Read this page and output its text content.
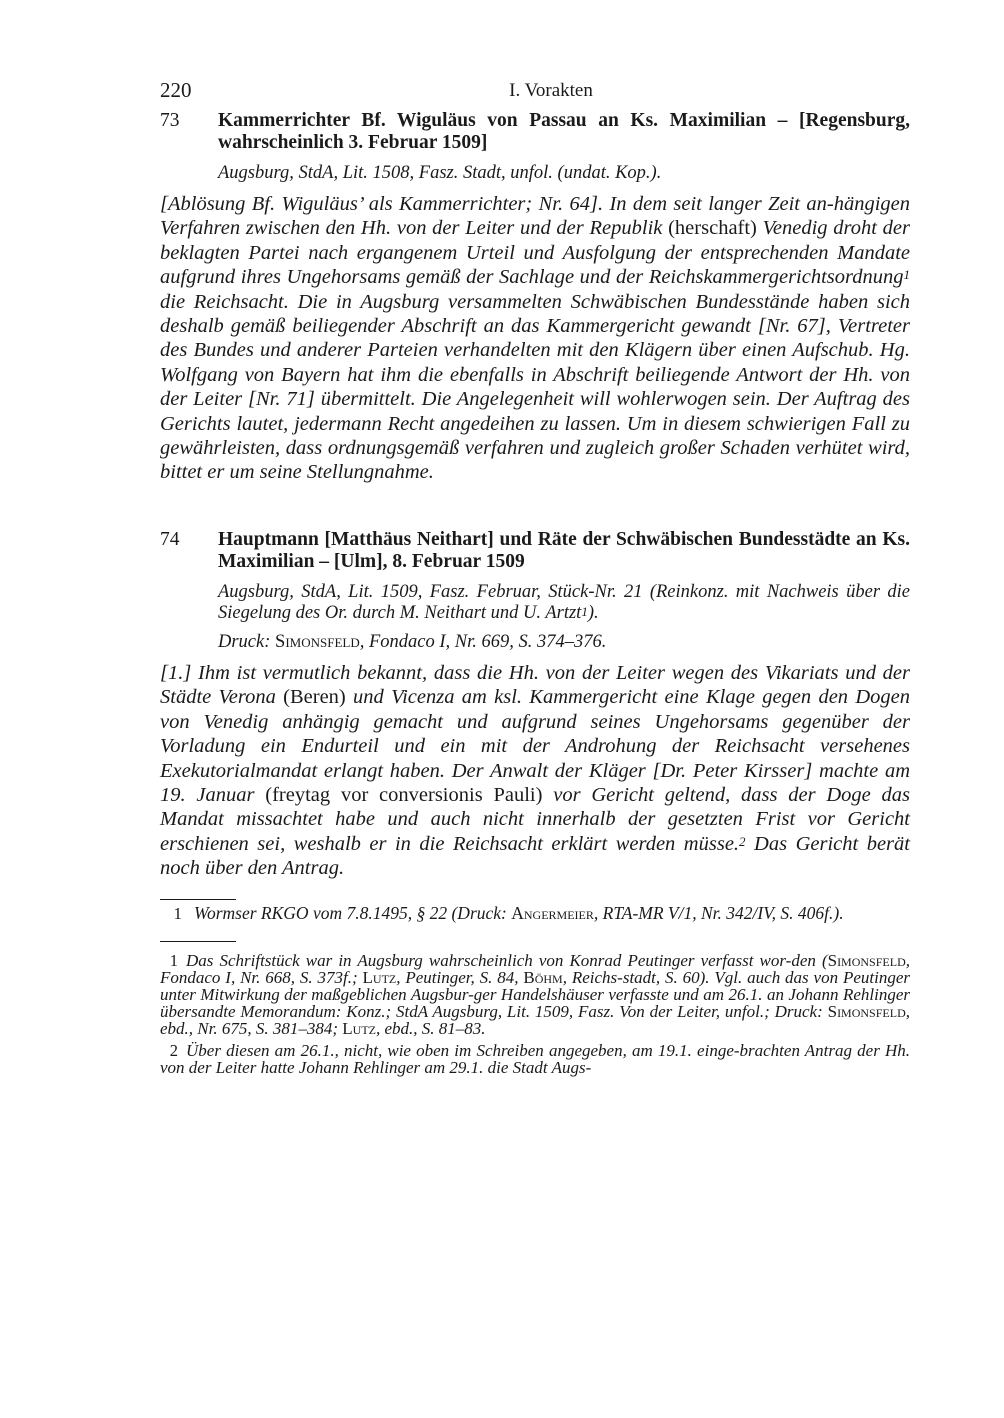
220	I. Vorakten
73	Kammerrichter Bf. Wiguläus von Passau an Ks. Maximilian – [Regensburg, wahrscheinlich 3. Februar 1509]
Augsburg, StdA, Lit. 1508, Fasz. Stadt, unfol. (undat. Kop.).
[Ablösung Bf. Wiguläus’ als Kammerrichter; Nr. 64]. In dem seit langer Zeit an-hängigen Verfahren zwischen den Hh. von der Leiter und der Republik (herschaft) Venedig droht der beklagten Partei nach ergangenem Urteil und Ausfolgung der entsprechenden Mandate aufgrund ihres Ungehorsams gemäß der Sachlage und der Reichskammergerichtsordnung$^1$ die Reichsacht. Die in Augsburg versammelten Schwäbischen Bundesstände haben sich deshalb gemäß beiliegender Abschrift an das Kammergericht gewandt [Nr. 67], Vertreter des Bundes und anderer Parteien verhandelten mit den Klägern über einen Aufschub. Hg. Wolfgang von Bayern hat ihm die ebenfalls in Abschrift beiliegende Antwort der Hh. von der Leiter [Nr. 71] übermittelt. Die Angelegenheit will wohlerwogen sein. Der Auftrag des Gerichts lautet, jedermann Recht angedeihen zu lassen. Um in diesem schwierigen Fall zu gewährleisten, dass ordnungsgemäß verfahren und zugleich großer Schaden verhütet wird, bittet er um seine Stellungnahme.
74	Hauptmann [Matthäus Neithart] und Räte der Schwäbischen Bundesstädte an Ks. Maximilian – [Ulm], 8. Februar 1509
Augsburg, StdA, Lit. 1509, Fasz. Februar, Stück-Nr. 21 (Reinkonz. mit Nachweis über die Siegelung des Or. durch M. Neithart und U. Artzt$^1$).
Druck: Simonsfeld, Fondaco I, Nr. 669, S. 374–376.
[1.] Ihm ist vermutlich bekannt, dass die Hh. von der Leiter wegen des Vikariats und der Städte Verona (Beren) und Vicenza am ksl. Kammergericht eine Klage gegen den Dogen von Venedig anhängig gemacht und aufgrund seines Ungehorsams gegenüber der Vorladung ein Endurteil und ein mit der Androhung der Reichsacht versehenes Exekutorialmandat erlangt haben. Der Anwalt der Kläger [Dr. Peter Kirsser] machte am 19. Januar (freytag vor conversionis Pauli) vor Gericht geltend, dass der Doge das Mandat missachtet habe und auch nicht innerhalb der gesetzten Frist vor Gericht erschienen sei, weshalb er in die Reichsacht erklärt werden müsse.$^2$ Das Gericht berät noch über den Antrag.
1 Wormser RKGO vom 7.8.1495, § 22 (Druck: Angermeier, RTA-MR V/1, Nr. 342/IV, S. 406f.).

1 Das Schriftstück war in Augsburg wahrscheinlich von Konrad Peutinger verfasst wor-den (Simonsfeld, Fondaco I, Nr. 668, S. 373f.; Lutz, Peutinger, S. 84, Böhm, Reichs-stadt, S. 60). Vgl. auch das von Peutinger unter Mitwirkung der maßgeblichen Augsbur-ger Handelshäuser verfasste und am 26.1. an Johann Rehlinger übersandte Memorandum: Konz.; StdA Augsburg, Lit. 1509, Fasz. Von der Leiter, unfol.; Druck: Simonsfeld, ebd., Nr. 675, S. 381–384; Lutz, ebd., S. 81–83.

2 Über diesen am 26.1., nicht, wie oben im Schreiben angegeben, am 19.1. einge-brachten Antrag der Hh. von der Leiter hatte Johann Rehlinger am 29.1. die Stadt Augs-
